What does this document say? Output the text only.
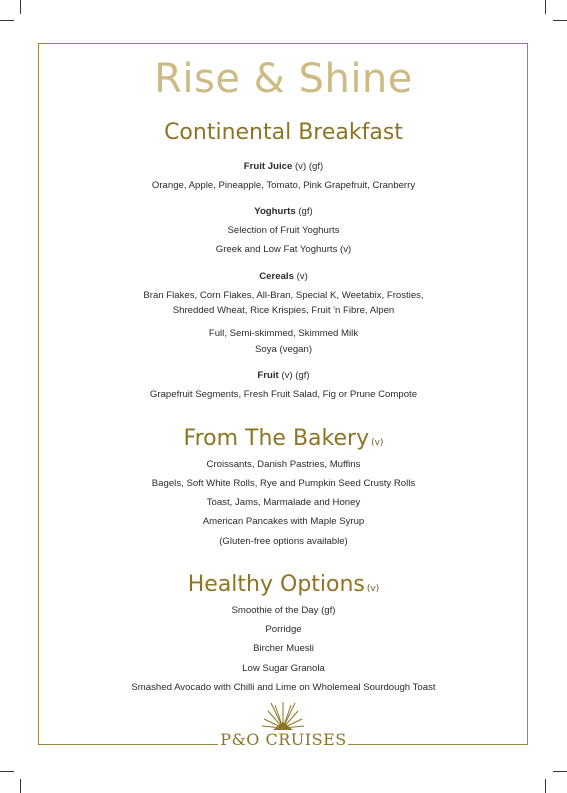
Rise & Shine
Continental Breakfast
Fruit Juice (v) (gf)
Orange, Apple, Pineapple, Tomato, Pink Grapefruit, Cranberry
Yoghurts (gf)
Selection of Fruit Yoghurts
Greek and Low Fat Yoghurts (v)
Cereals (v)
Bran Flakes, Corn Flakes, All-Bran, Special K, Weetabix, Frosties,
Shredded Wheat, Rice Krispies, Fruit 'n Fibre, Alpen
Full, Semi-skimmed, Skimmed Milk
Soya (vegan)
Fruit (v) (gf)
Grapefruit Segments, Fresh Fruit Salad, Fig or Prune Compote
From The Bakery (v)
Croissants, Danish Pastries, Muffins
Bagels, Soft White Rolls, Rye and Pumpkin Seed Crusty Rolls
Toast, Jams, Marmalade and Honey
American Pancakes with Maple Syrup
(Gluten-free options available)
Healthy Options (v)
Smoothie of the Day (gf)
Porridge
Bircher Muesli
Low Sugar Granola
Smashed Avocado with Chilli and Lime on Wholemeal Sourdough Toast
P&O CRUISES
